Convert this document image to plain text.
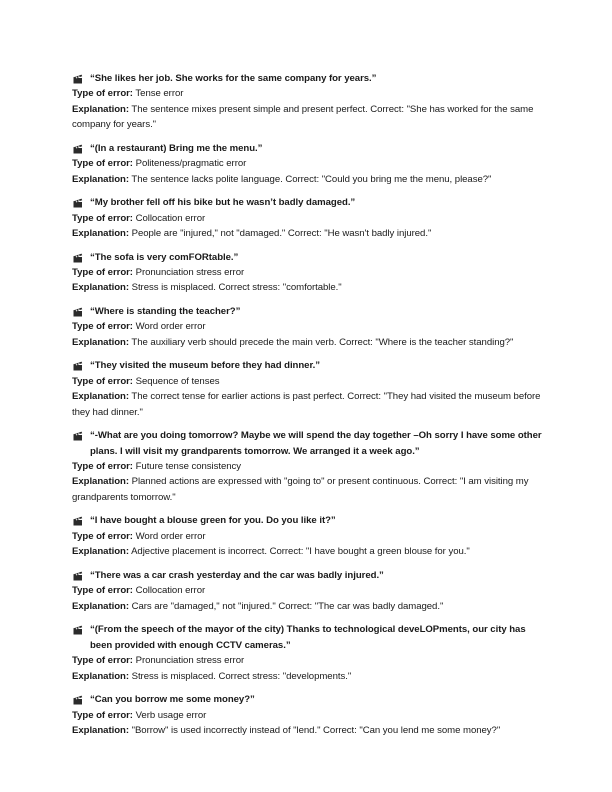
“She likes her job. She works for the same company for years.”
Type of error: Tense error
Explanation: The sentence mixes present simple and present perfect. Correct: "She has worked for the same company for years."
“(In a restaurant) Bring me the menu.”
Type of error: Politeness/pragmatic error
Explanation: The sentence lacks polite language. Correct: "Could you bring me the menu, please?"
“My brother fell off his bike but he wasn’t badly damaged.”
Type of error: Collocation error
Explanation: People are "injured," not "damaged." Correct: "He wasn't badly injured."
“The sofa is very comFORtable.”
Type of error: Pronunciation stress error
Explanation: Stress is misplaced. Correct stress: "comfortable."
“Where is standing the teacher?”
Type of error: Word order error
Explanation: The auxiliary verb should precede the main verb. Correct: "Where is the teacher standing?"
“They visited the museum before they had dinner.”
Type of error: Sequence of tenses
Explanation: The correct tense for earlier actions is past perfect. Correct: "They had visited the museum before they had dinner."
“-What are you doing tomorrow? Maybe we will spend the day together –Oh sorry I have some other plans. I will visit my grandparents tomorrow. We arranged it a week ago.”
Type of error: Future tense consistency
Explanation: Planned actions are expressed with "going to" or present continuous. Correct: "I am visiting my grandparents tomorrow."
“I have bought a blouse green for you. Do you like it?”
Type of error: Word order error
Explanation: Adjective placement is incorrect. Correct: "I have bought a green blouse for you."
“There was a car crash yesterday and the car was badly injured.”
Type of error: Collocation error
Explanation: Cars are "damaged," not "injured." Correct: "The car was badly damaged."
“(From the speech of the mayor of the city) Thanks to technological deveLOPments, our city has been provided with enough CCTV cameras.”
Type of error: Pronunciation stress error
Explanation: Stress is misplaced. Correct stress: "developments."
“Can you borrow me some money?”
Type of error: Verb usage error
Explanation: "Borrow" is used incorrectly instead of "lend." Correct: "Can you lend me some money?"
